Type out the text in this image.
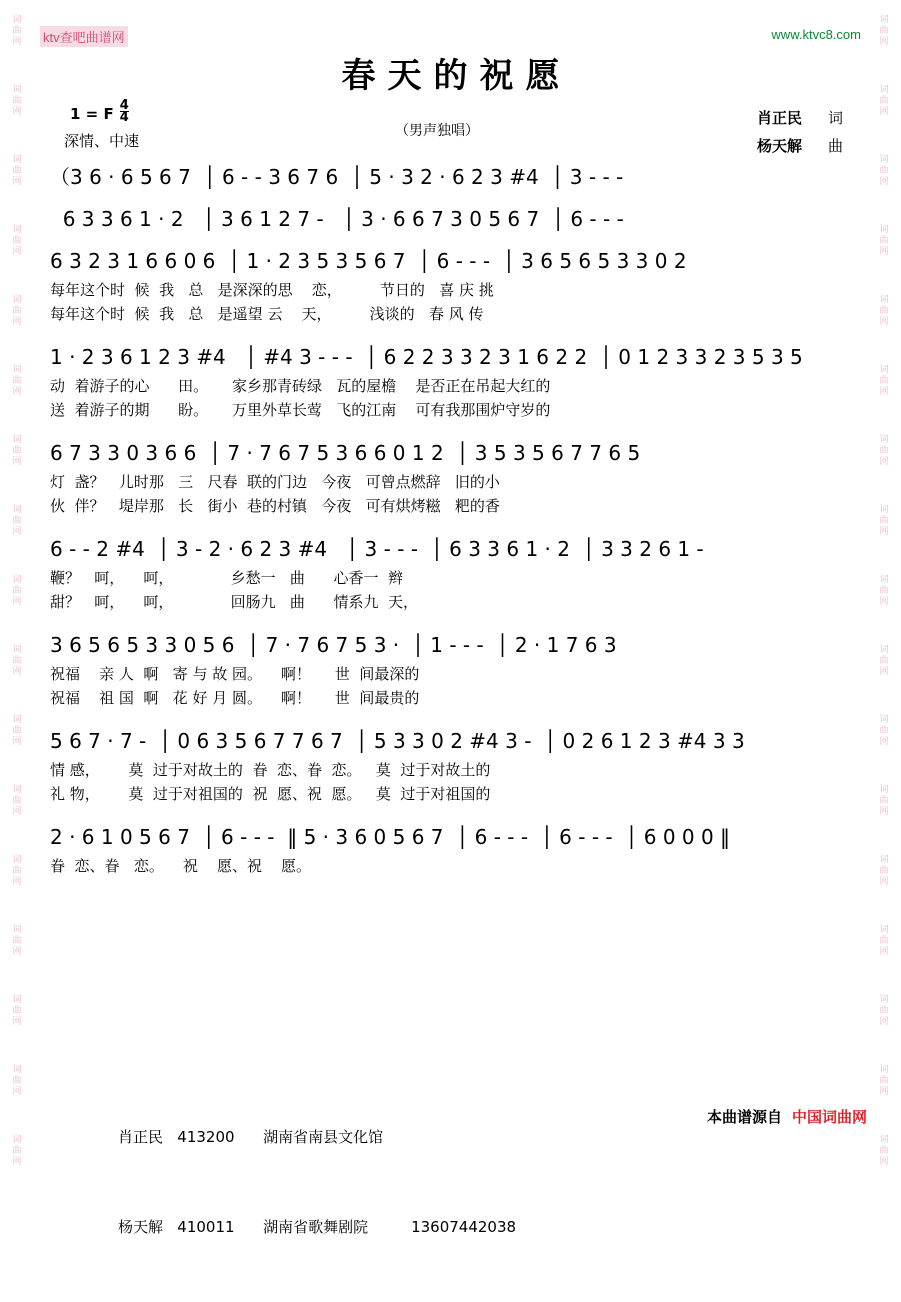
词
曲
网
词
曲
网
词
曲
网
词
曲
网
词
曲
网
词
曲
网
词
曲
网
词
曲
网
词
曲
网
词
曲
网
词
曲
网
词
曲
网
词
曲
网
词
曲
网
词
曲
网
词
曲
网
词
曲
网
词
曲
网
词
曲
网
词
曲
网
词
曲
网
词
曲
网
词
曲
网
词
曲
网
词
曲
网
词
曲
网
词
曲
网
词
曲
网
词
曲
网
词
曲
网
词
曲
网
词
曲
网
词
曲
网
词
曲
网
ktv查吧曲谱网	www.ktvc8.com
春天的祝愿
1 = F $\frac{4}{4}$
深情、中速
（男声独唱）
肖正民 词
杨天解 曲
（3 6 · 6 5 6 7  │ 6 - - 3 6 7 6  │ 5 · 3 2 · 6 2 3 #4  │ 3 - - -
6 3 3 6 1 · 2   │ 3 6 1 2 7 -   │ 3 · 6 6 7 3 0 5 6 7  │ 6 - - -
6 3 2 3 1 6 6 0 6  │ 1 · 2 3 5 3 5 6 7  │ 6 - - -  │ 3 6 5 6 5 3 3 0 2
每年这个时  候  我   总   是深深的思    恋，        节日的   喜 庆 挑
每年这个时  候  我   总   是遥望 云    天，        浅谈的   春 风 传
1 · 2 3 6 1 2 3 #4   │ #4 3 - - -  │ 6 2 2 3 3 2 3 1 6 2 2  │ 0 1 2 3 3 2 3 5 3 5
动  着游子的心      田。     家乡那青砖绿   瓦的屋檐    是否正在吊起大红的
送  着游子的期      盼。     万里外草长莺   飞的江南    可有我那围炉守岁的
6 7 3 3 0 3 6 6  │ 7 · 7 6 7 5 3 6 6 0 1 2  │ 3 5 3 5 6 7 7 6 5
灯  盏？   儿时那   三   尺春  联的门边   今夜   可曾点燃辞   旧的小
伙  伴？   堤岸那   长   街小  巷的村镇   今夜   可有烘烤糍   粑的香
6 - - 2 #4  │ 3 - 2 · 6 2 3 #4   │ 3 - - -  │ 6 3 3 6 1 · 2  │ 3 3 2 6 1 -
鞭？   呵，    呵，            乡愁一   曲      心香一  辫
甜？   呵，    呵，            回肠九   曲      情系九  天，
3 6 5 6 5 3 3 0 5 6  │ 7 · 7 6 7 5 3 ·  │ 1 - - -  │ 2 · 1 7 6 3
祝福    亲 人  啊   寄 与 故 园。    啊！     世  间最深的
祝福    祖 国  啊   花 好 月 圆。    啊！     世  间最贵的
5 6 7 · 7 -  │ 0 6 3 5 6 7 7 6 7  │ 5 3 3 0 2 #4 3 -  │ 0 2 6 1 2 3 #4 3 3
情 感，      莫  过于对故土的  眷  恋、眷  恋。   莫  过于对故土的
礼 物，      莫  过于对祖国的  祝  愿、祝  愿。   莫  过于对祖国的
2 · 6 1 0 5 6 7  │ 6 - - -  ‖ 5 · 3 6 0 5 6 7  │ 6 - - -  │ 6 - - -  │ 6 0 0 0 ‖
眷  恋、眷   恋。    祝    愿、祝    愿。

肖正民   413200      湖南省南县文化馆

杨天解   410011      湖南省歌舞剧院         13607442038

本曲谱源自 中国词曲网
